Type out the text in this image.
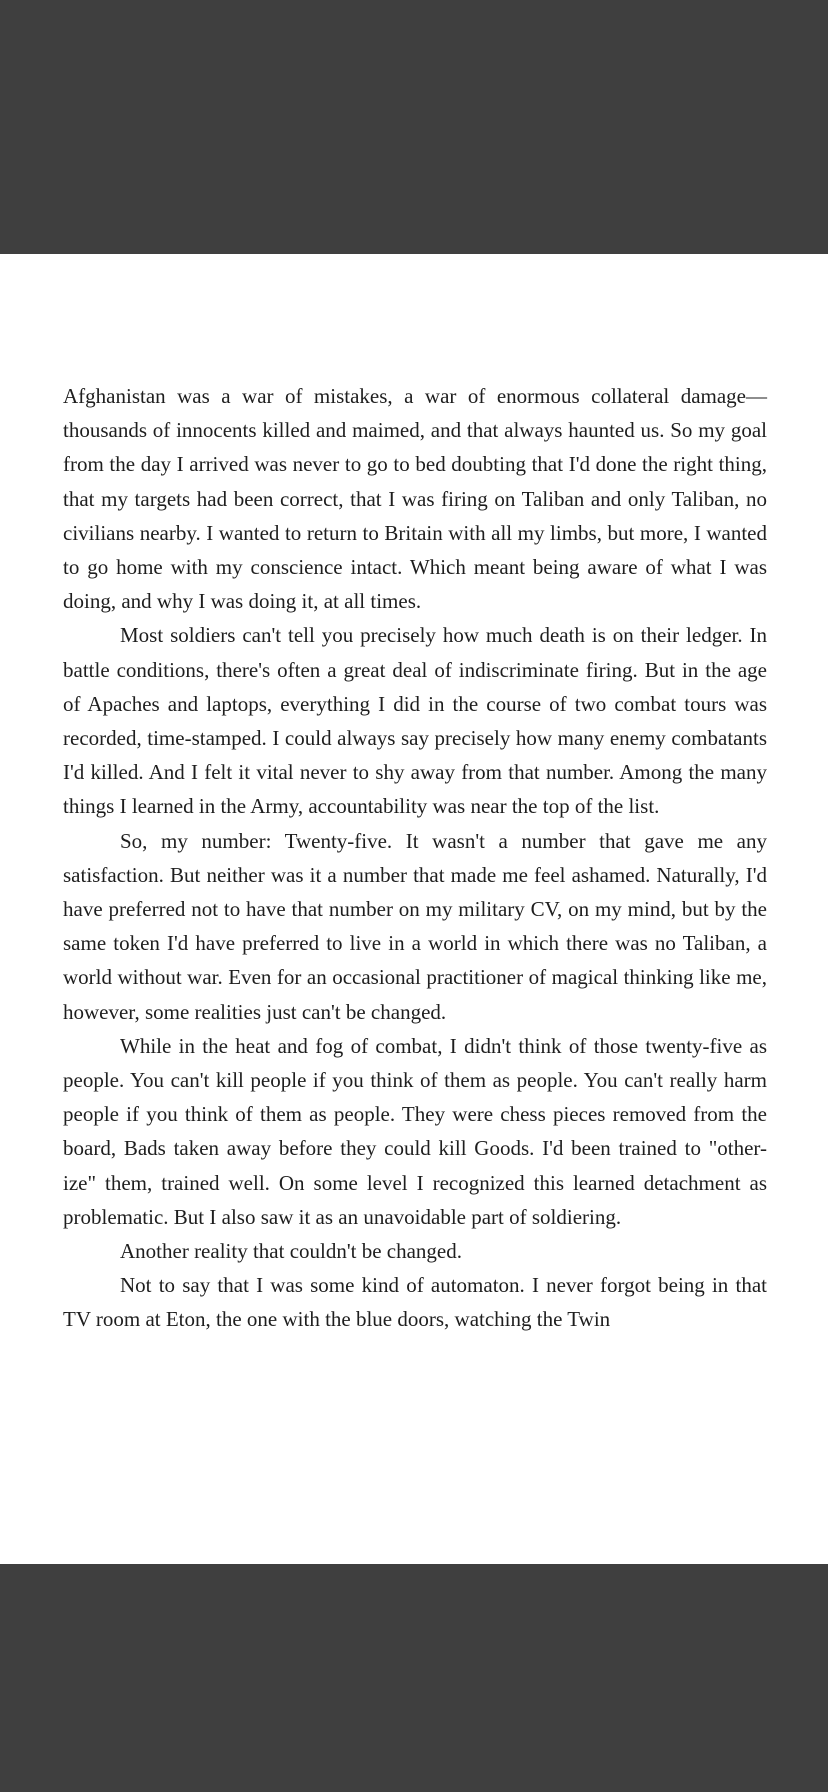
Afghanistan was a war of mistakes, a war of enormous collateral damage—thousands of innocents killed and maimed, and that always haunted us. So my goal from the day I arrived was never to go to bed doubting that I'd done the right thing, that my targets had been correct, that I was firing on Taliban and only Taliban, no civilians nearby. I wanted to return to Britain with all my limbs, but more, I wanted to go home with my conscience intact. Which meant being aware of what I was doing, and why I was doing it, at all times.

Most soldiers can't tell you precisely how much death is on their ledger. In battle conditions, there's often a great deal of indiscriminate firing. But in the age of Apaches and laptops, everything I did in the course of two combat tours was recorded, time-stamped. I could always say precisely how many enemy combatants I'd killed. And I felt it vital never to shy away from that number. Among the many things I learned in the Army, accountability was near the top of the list.

So, my number: Twenty-five. It wasn't a number that gave me any satisfaction. But neither was it a number that made me feel ashamed. Naturally, I'd have preferred not to have that number on my military CV, on my mind, but by the same token I'd have preferred to live in a world in which there was no Taliban, a world without war. Even for an occasional practitioner of magical thinking like me, however, some realities just can't be changed.

While in the heat and fog of combat, I didn't think of those twenty-five as people. You can't kill people if you think of them as people. You can't really harm people if you think of them as people. They were chess pieces removed from the board, Bads taken away before they could kill Goods. I'd been trained to "other-ize" them, trained well. On some level I recognized this learned detachment as problematic. But I also saw it as an unavoidable part of soldiering.

Another reality that couldn't be changed.

Not to say that I was some kind of automaton. I never forgot being in that TV room at Eton, the one with the blue doors, watching the Twin
